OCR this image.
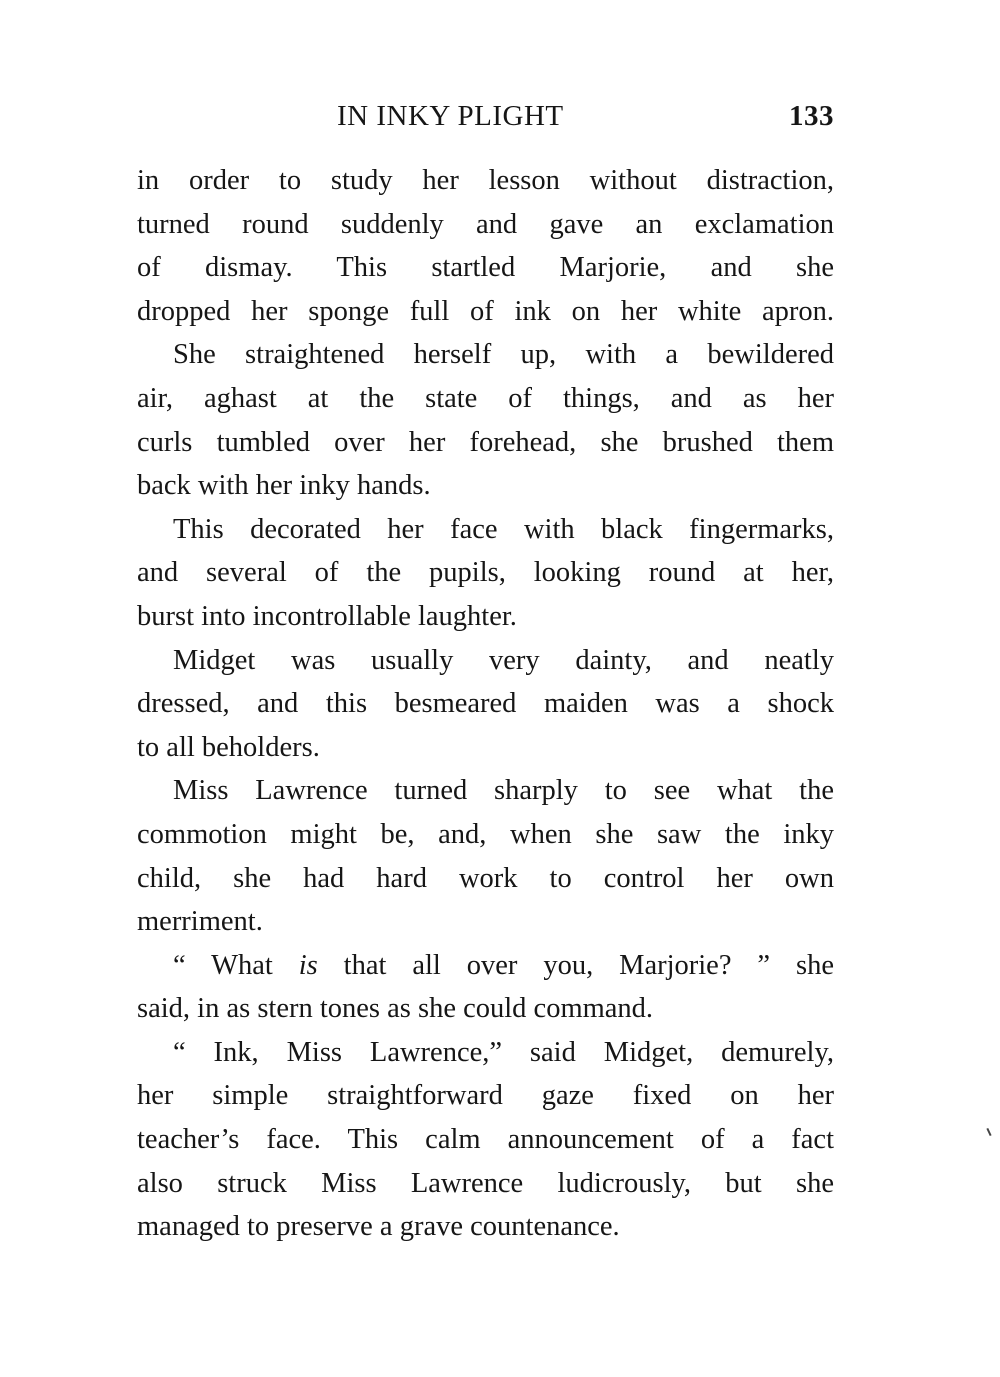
IN INKY PLIGHT	133

in order to study her lesson without distraction,
turned round suddenly and gave an exclamation
of dismay. This startled Marjorie, and she
dropped her sponge full of ink on her white apron.

She straightened herself up, with a bewildered
air, aghast at the state of things, and as her
curls tumbled over her forehead, she brushed them
back with her inky hands.

This decorated her face with black fingermarks,
and several of the pupils, looking round at her,
burst into incontrollable laughter.

Midget was usually very dainty, and neatly
dressed, and this besmeared maiden was a shock
to all beholders.

Miss Lawrence turned sharply to see what the
commotion might be, and, when she saw the inky
child, she had hard work to control her own
merriment.

“ What is that all over you, Marjorie? ” she
said, in as stern tones as she could command.

“ Ink, Miss Lawrence,” said Midget, demurely,
her simple straightforward gaze fixed on her
teacher’s face. This calm announcement of a fact
also struck Miss Lawrence ludicrously, but she
managed to preserve a grave countenance.
